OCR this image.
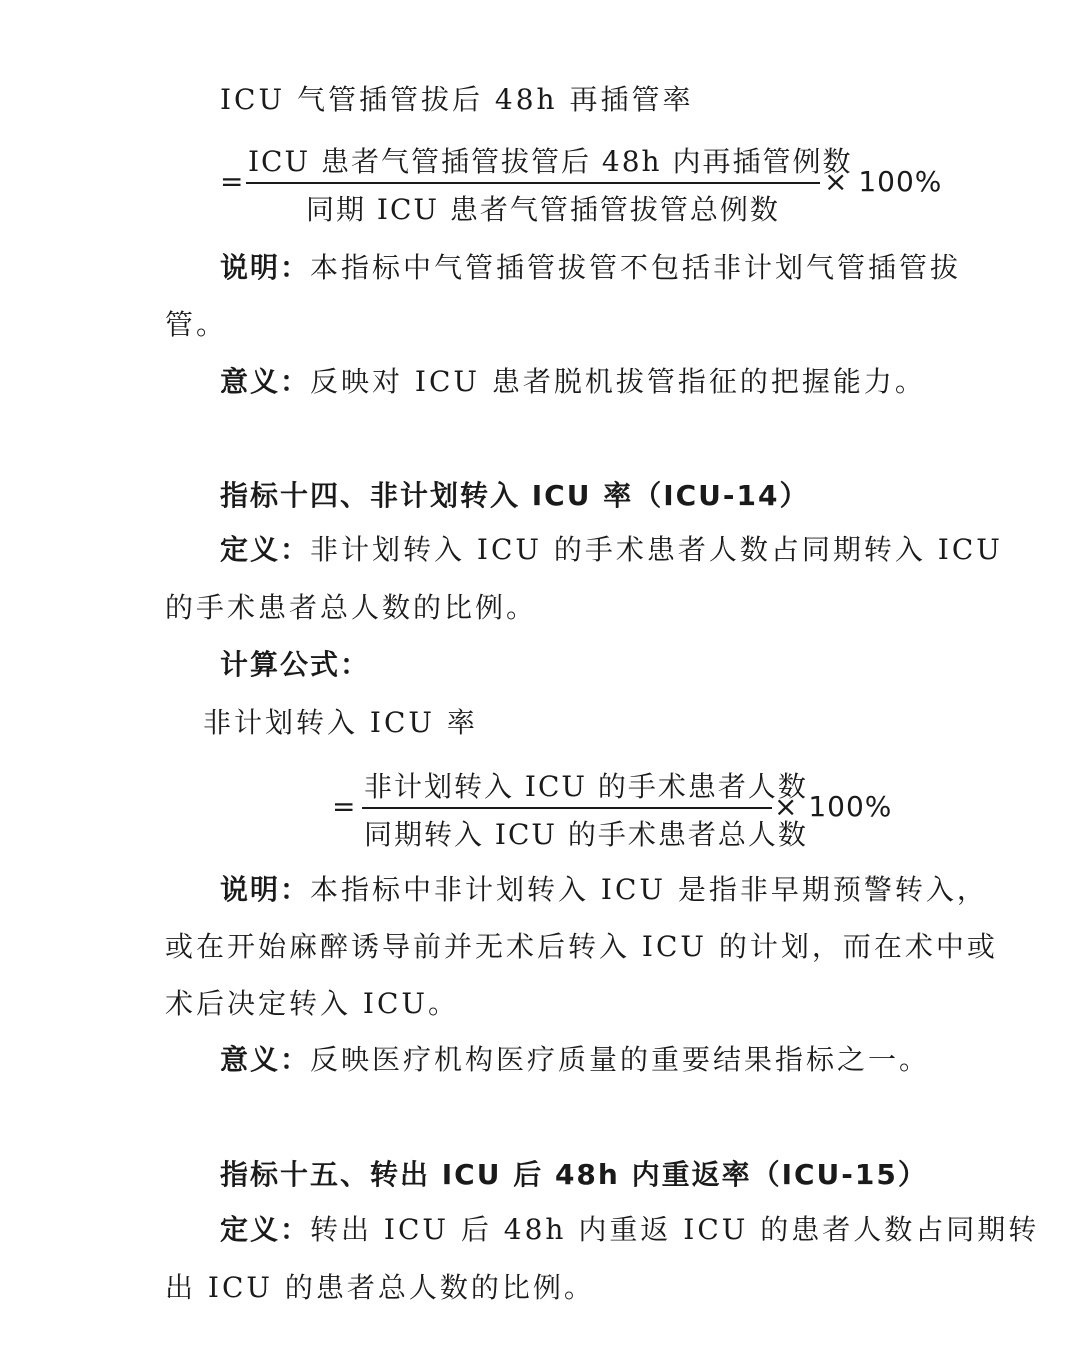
ICU 气管插管拔后 48h 再插管率
=
ICU 患者气管插管拔管后 48h 内再插管例数
同期 ICU 患者气管插管拔管总例数
× 100%
说明：本指标中气管插管拔管不包括非计划气管插管拔
管。
意义：反映对 ICU 患者脱机拔管指征的把握能力。
指标十四、非计划转入 ICU 率（ICU-14）
定义：非计划转入 ICU 的手术患者人数占同期转入 ICU
的手术患者总人数的比例。
计算公式：
非计划转入 ICU 率
=
非计划转入 ICU 的手术患者人数
同期转入 ICU 的手术患者总人数
× 100%
说明：本指标中非计划转入 ICU 是指非早期预警转入，
或在开始麻醉诱导前并无术后转入 ICU 的计划，而在术中或
术后决定转入 ICU。
意义：反映医疗机构医疗质量的重要结果指标之一。
指标十五、转出 ICU 后 48h 内重返率（ICU-15）
定义：转出 ICU 后 48h 内重返 ICU 的患者人数占同期转
出 ICU 的患者总人数的比例。
